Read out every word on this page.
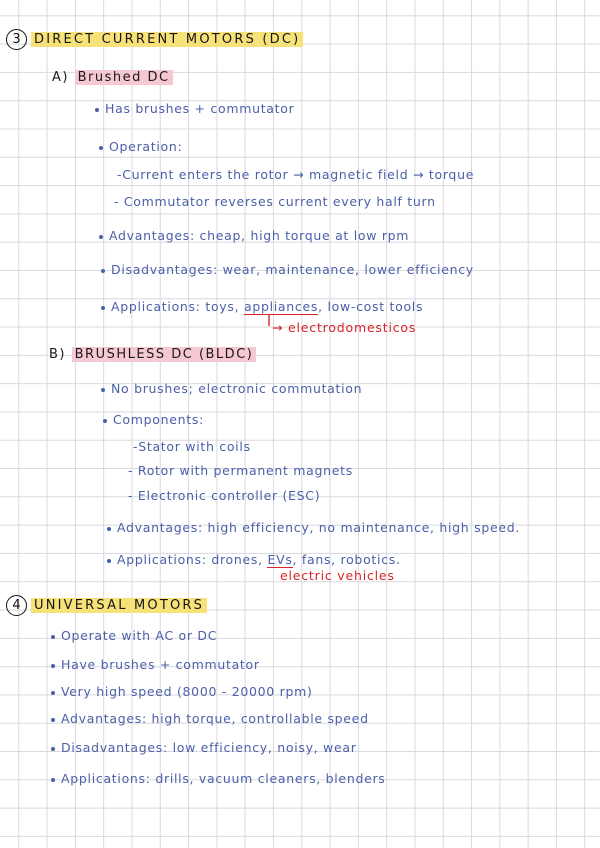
3 DIRECT CURRENT MOTORS (DC)
A) Brushed DC
Has brushes + commutator
Operation:
-Current enters the rotor → magnetic field → torque
- Commutator reverses current every half turn
Advantages: cheap, high torque at low rpm
Disadvantages: wear, maintenance, lower efficiency
Applications: toys, appliances, low-cost tools
→ electrodomesticos
B) BRUSHLESS DC (BLDC)
No brushes; electronic commutation
Components:
-Stator with coils
- Rotor with permanent magnets
- Electronic controller (ESC)
Advantages: high efficiency, no maintenance, high speed.
Applications: drones, EVs, fans, robotics.
electric vehicles
4 UNIVERSAL MOTORS
Operate with AC or DC
Have brushes + commutator
Very high speed (8000 - 20000 rpm)
Advantages: high torque, controllable speed
Disadvantages: low efficiency, noisy, wear
Applications: drills, vacuum cleaners, blenders
